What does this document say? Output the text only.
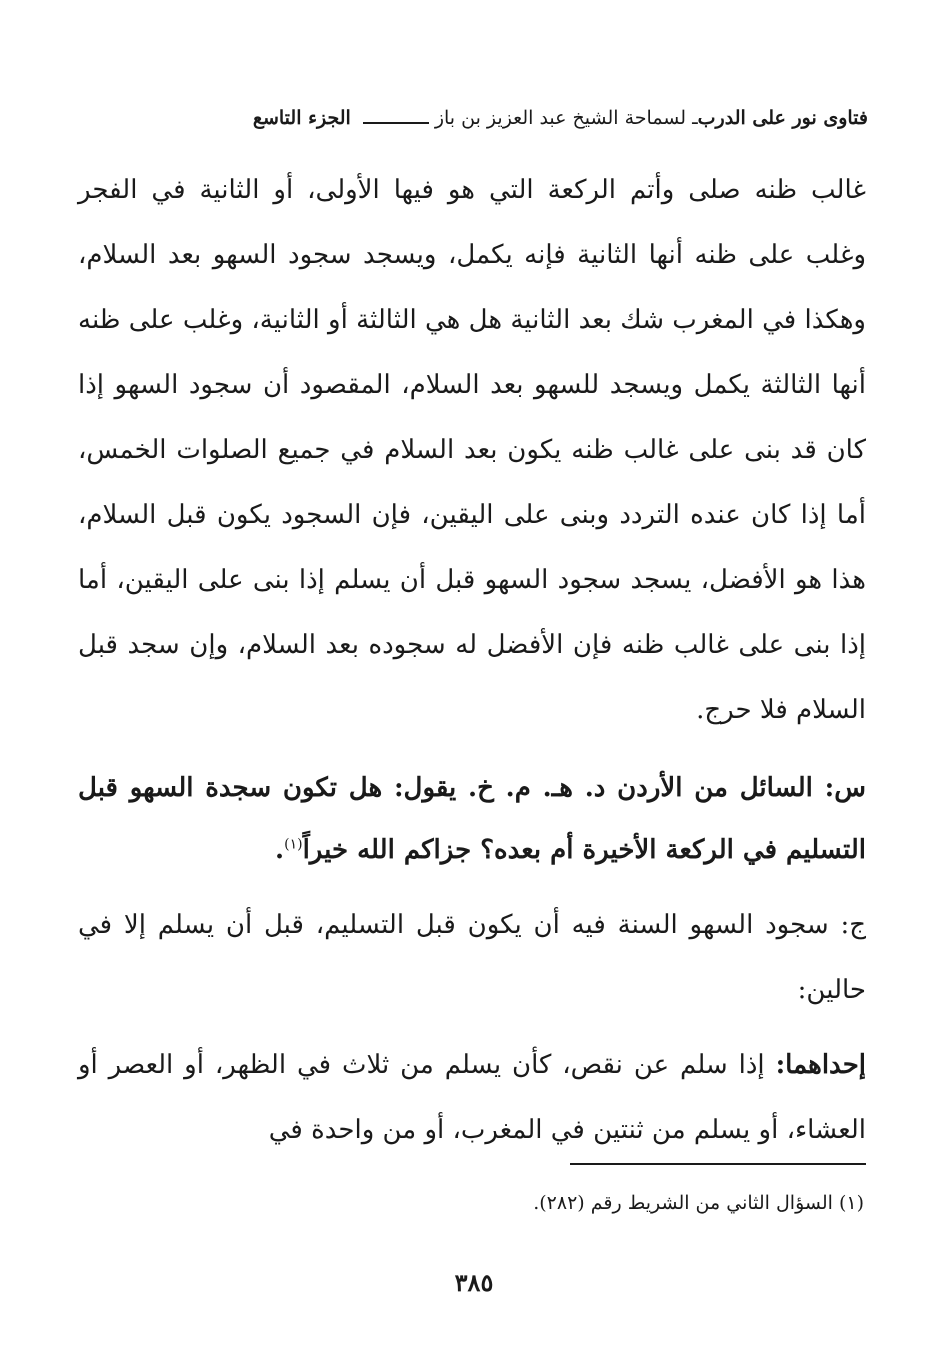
فتاوى نور على الدرب
ـ لسماحة الشيخ عبد العزيز بن باز
الجزء التاسع

غالب ظنه صلى وأتم الركعة التي هو فيها الأولى، أو الثانية في الفجر وغلب على ظنه أنها الثانية فإنه يكمل، ويسجد سجود السهو بعد السلام، وهكذا في المغرب شك بعد الثانية هل هي الثالثة أو الثانية، وغلب على ظنه أنها الثالثة يكمل ويسجد للسهو بعد السلام، المقصود أن سجود السهو إذا كان قد بنى على غالب ظنه يكون بعد السلام في جميع الصلوات الخمس، أما إذا كان عنده التردد وبنى على اليقين، فإن السجود يكون قبل السلام، هذا هو الأفضل، يسجد سجود السهو قبل أن يسلم إذا بنى على اليقين، أما إذا بنى على غالب ظنه فإن الأفضل له سجوده بعد السلام، وإن سجد قبل السلام فلا حرج.

س: السائل من الأردن د. هـ. م. خ. يقول: هل تكون سجدة السهو قبل التسليم في الركعة الأخيرة أم بعده؟ جزاكم الله خيراً$^{(١)}$.

ج: سجود السهو السنة فيه أن يكون قبل التسليم، قبل أن يسلم إلا في حالين:

إحداهما: إذا سلم عن نقص، كأن يسلم من ثلاث في الظهر، أو العصر أو العشاء، أو يسلم من ثنتين في المغرب، أو من واحدة في

(١) السؤال الثاني من الشريط رقم (٢٨٢).
٣٨٥
